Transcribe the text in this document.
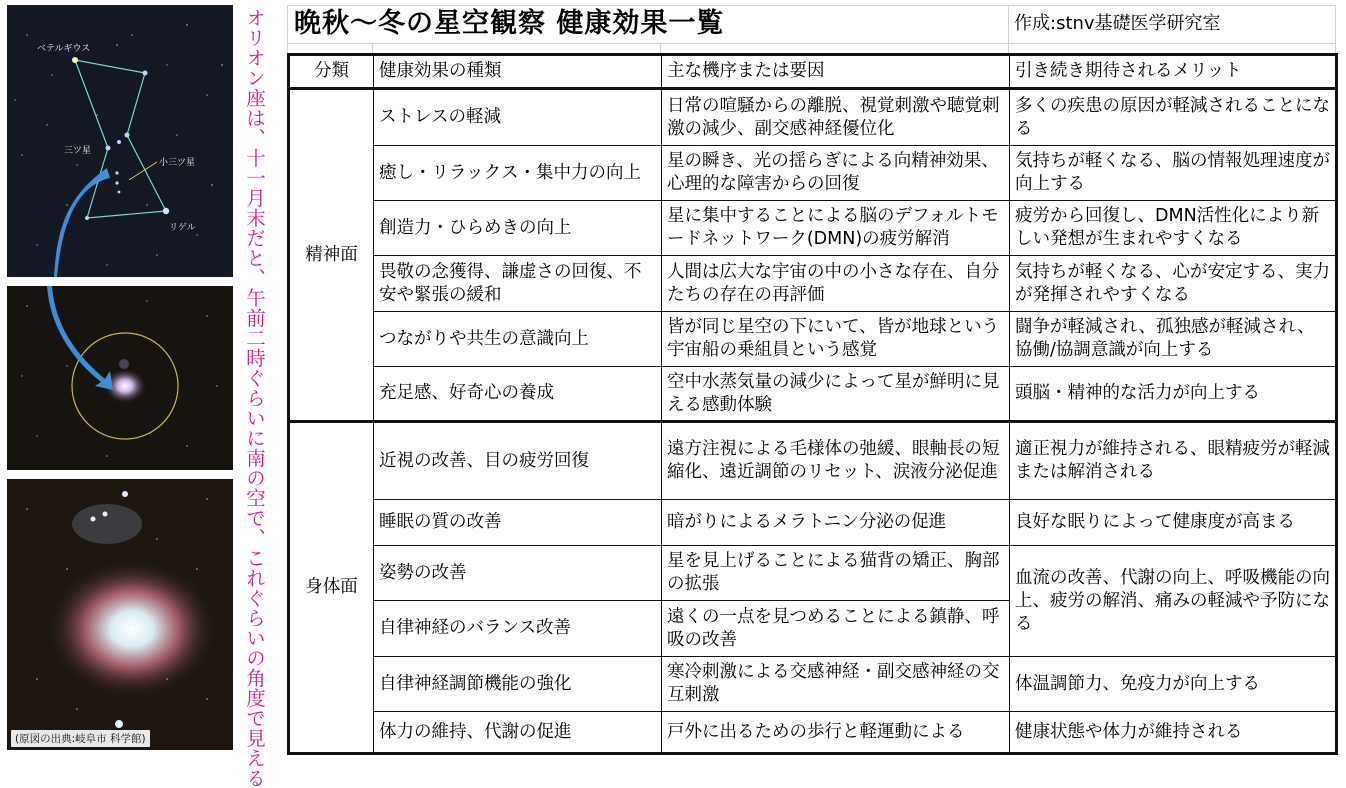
ベテルギウス
三ツ星
小三ツ星
リゲル
(原図の出典:岐阜市 科学館)	オリオン座は、十一月末だと、午前二時ぐらいに南の空で、これぐらいの角度で見える 晩秋～冬の星空観察 健康効果一覧	作成:stnv基礎医学研究室
分類	健康効果の種類	主な機序または要因	引き続き期待されるメリット
精神面	ストレスの軽減	日常の喧騒からの離脱、視覚刺激や聴覚刺激の減少、副交感神経優位化	多くの疾患の原因が軽減されることになる
	癒し・リラックス・集中力の向上	星の瞬き、光の揺らぎによる向精神効果、心理的な障害からの回復	気持ちが軽くなる、脳の情報処理速度が向上する
	創造力・ひらめきの向上	星に集中することによる脳のデフォルトモードネットワーク(DMN)の疲労解消	疲労から回復し、DMN活性化により新しい発想が生まれやすくなる
	畏敬の念獲得、謙虚さの回復、不安や緊張の緩和	人間は広大な宇宙の中の小さな存在、自分たちの存在の再評価	気持ちが軽くなる、心が安定する、実力が発揮されやすくなる
	つながりや共生の意識向上	皆が同じ星空の下にいて、皆が地球という宇宙船の乗組員という感覚	闘争が軽減され、孤独感が軽減され、協働/協調意識が向上する
	充足感、好奇心の養成	空中水蒸気量の減少によって星が鮮明に見える感動体験	頭脳・精神的な活力が向上する
身体面	近視の改善、目の疲労回復	遠方注視による毛様体の弛緩、眼軸長の短縮化、遠近調節のリセット、涙液分泌促進	適正視力が維持される、眼精疲労が軽減または解消される
	睡眠の質の改善	暗がりによるメラトニン分泌の促進	良好な眠りによって健康度が高まる
	姿勢の改善	星を見上げることによる猫背の矯正、胸部の拡張	血流の改善、代謝の向上、呼吸機能の向上、疲労の解消、痛みの軽減や予防になる
	自律神経のバランス改善	遠くの一点を見つめることによる鎮静、呼吸の改善	
	自律神経調節機能の強化	寒冷刺激による交感神経・副交感神経の交互刺激	体温調節力、免疫力が向上する
	体力の維持、代謝の促進	戸外に出るための歩行と軽運動による	健康状態や体力が維持される
